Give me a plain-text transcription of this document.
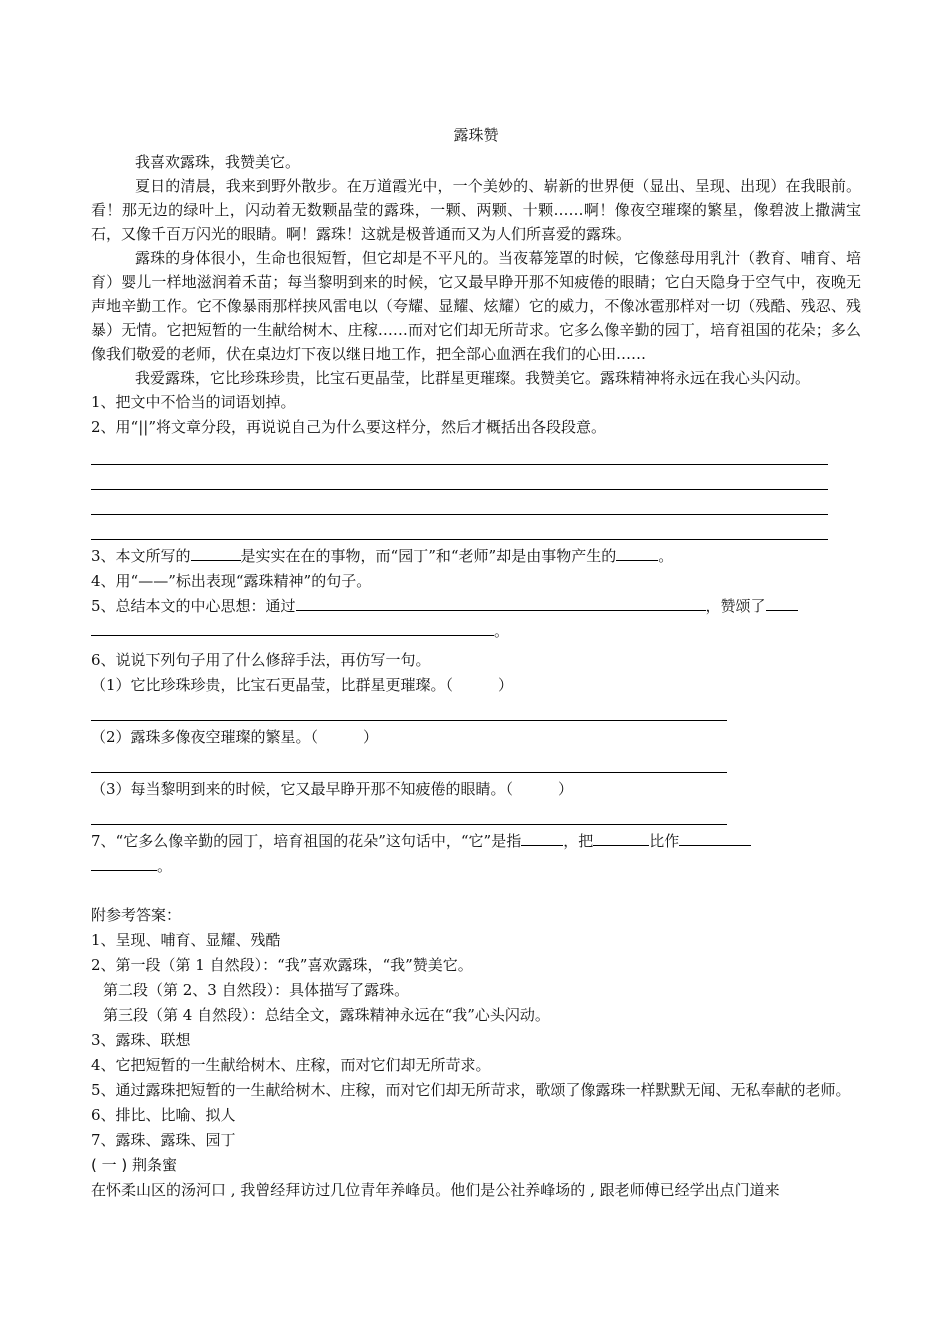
露珠赞

我喜欢露珠，我赞美它。

夏日的清晨，我来到野外散步。在万道霞光中，一个美妙的、崭新的世界便（显出、呈现、出现）在我眼前。看！那无边的绿叶上，闪动着无数颗晶莹的露珠，一颗、两颗、十颗……啊！像夜空璀璨的繁星，像碧波上撒满宝石，又像千百万闪光的眼睛。啊！露珠！这就是极普通而又为人们所喜爱的露珠。

露珠的身体很小，生命也很短暂，但它却是不平凡的。当夜幕笼罩的时候，它像慈母用乳汁（教育、哺育、培育）婴儿一样地滋润着禾苗；每当黎明到来的时候，它又最早睁开那不知疲倦的眼睛；它白天隐身于空气中，夜晚无声地辛勤工作。它不像暴雨那样挟风雷电以（夸耀、显耀、炫耀）它的威力，不像冰雹那样对一切（残酷、残忍、残暴）无情。它把短暂的一生献给树木、庄稼……而对它们却无所苛求。它多么像辛勤的园丁，培育祖国的花朵；多么像我们敬爱的老师，伏在桌边灯下夜以继日地工作，把全部心血洒在我们的心田……

我爱露珠，它比珍珠珍贵，比宝石更晶莹，比群星更璀璨。我赞美它。露珠精神将永远在我心头闪动。

1、把文中不恰当的词语划掉。

2、用“||”将文章分段，再说说自己为什么要这样分，然后才概括出各段段意。

3、本文所写的	是实实在在的事物，而“园丁”和“老师”却是由事物产生的	。

4、用“——”标出表现“露珠精神”的句子。

5、总结本文的中心思想：通过	，赞颂了

。

6、说说下列句子用了什么修辞手法，再仿写一句。

（1）它比珍珠珍贵，比宝石更晶莹，比群星更璀璨。（　　　）

（2）露珠多像夜空璀璨的繁星。（　　　）

（3）每当黎明到来的时候，它又最早睁开那不知疲倦的眼睛。（　　　）

7、“它多么像辛勤的园丁，培育祖国的花朵”这句话中，“它”是指	，把	比作

。

附参考答案：

1、呈现、哺育、显耀、残酷

2、第一段（第 1 自然段）：“我”喜欢露珠，“我”赞美它。

第二段（第 2、3 自然段）：具体描写了露珠。

第三段（第 4 自然段）：总结全文，露珠精神永远在“我”心头闪动。

3、露珠、联想

4、它把短暂的一生献给树木、庄稼，而对它们却无所苛求。

5、通过露珠把短暂的一生献给树木、庄稼，而对它们却无所苛求，歌颂了像露珠一样默默无闻、无私奉献的老师。

6、排比、比喻、拟人

7、露珠、露珠、园丁

( 一 ) 荆条蜜

在怀柔山区的汤河口 , 我曾经拜访过几位青年养峰员。他们是公社养峰场的 , 跟老师傅已经学出点门道来
